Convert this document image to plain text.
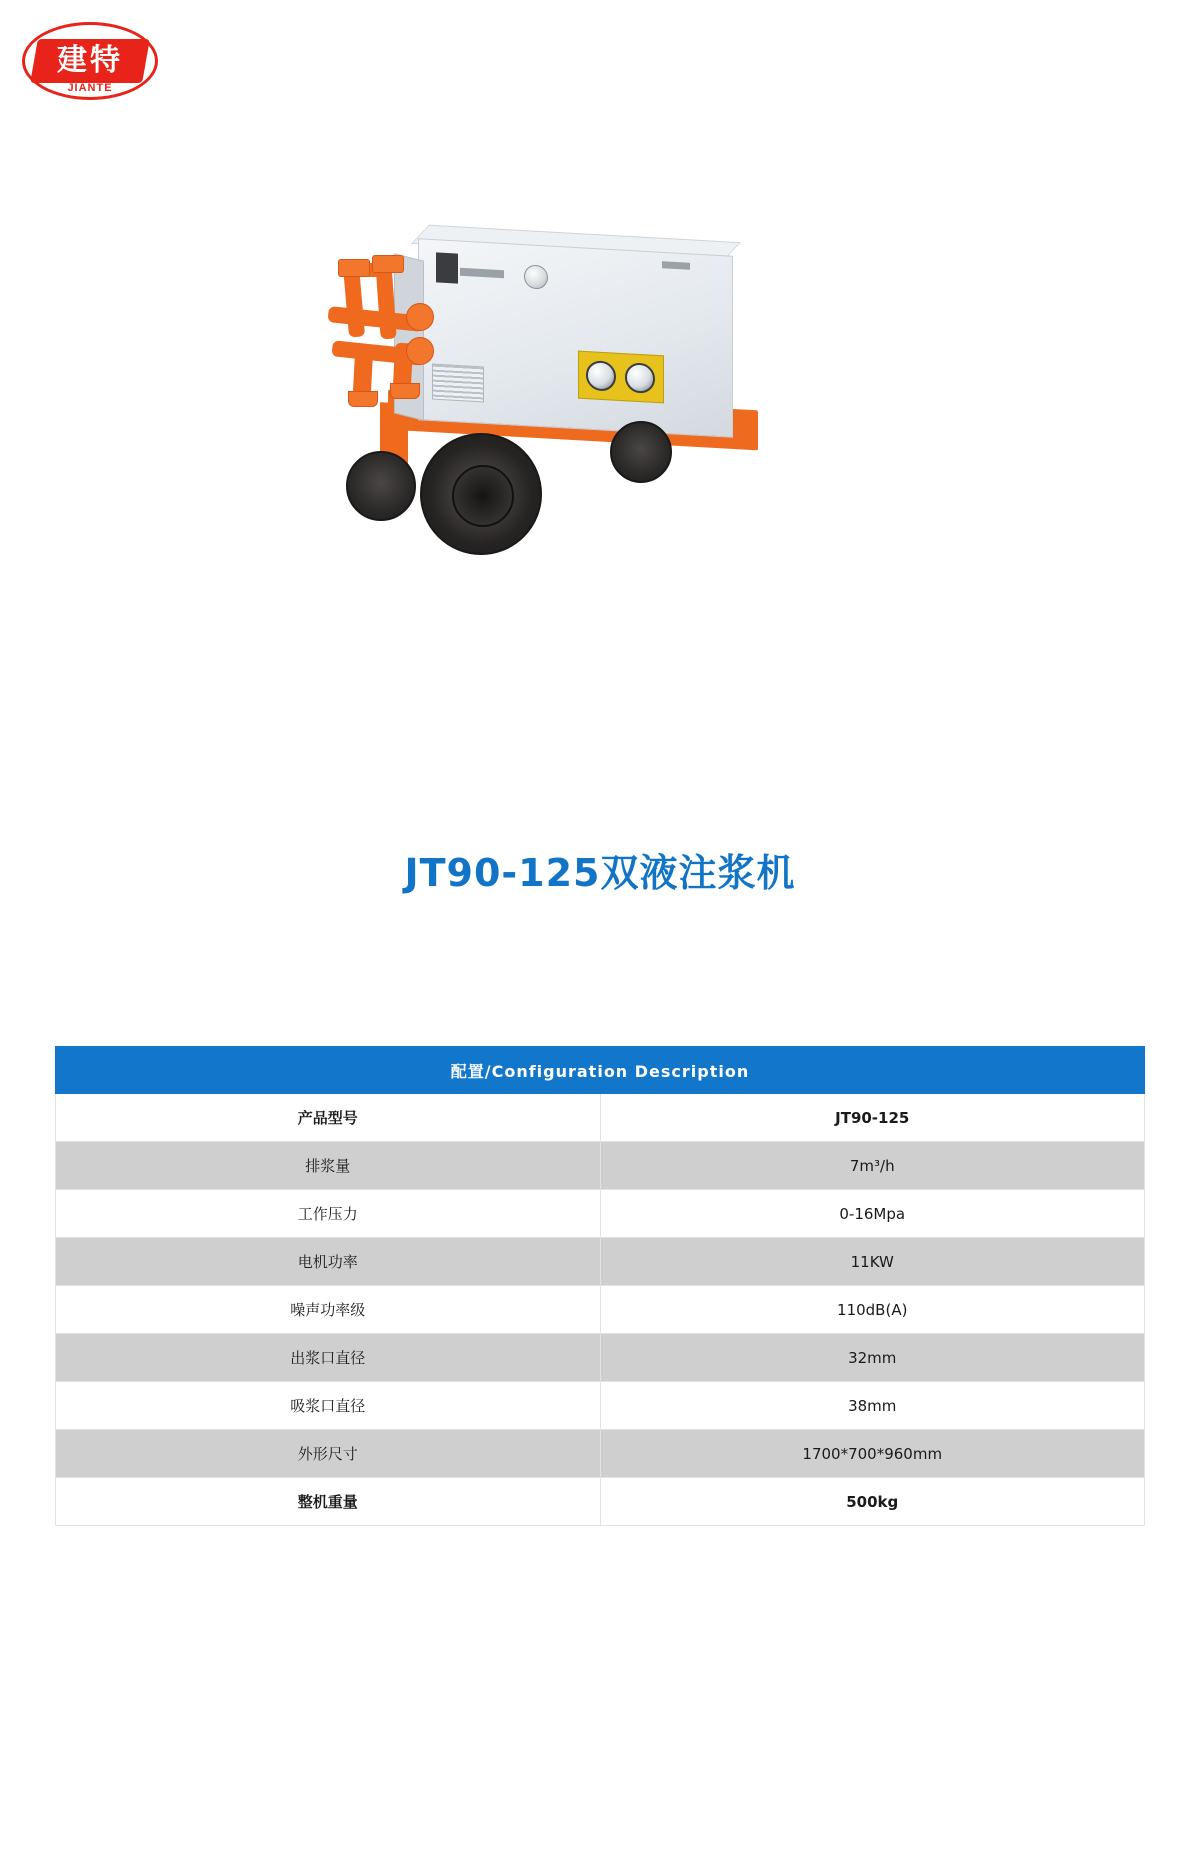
建特
JIANTE
JT90-125双液注浆机
配置/Configuration Description	
产品型号	JT90-125
排浆量	7m³/h
工作压力	0-16Mpa
电机功率	11KW
噪声功率级	110dB(A)
出浆口直径	32mm
吸浆口直径	38mm
外形尺寸	1700*700*960mm
整机重量	500kg
